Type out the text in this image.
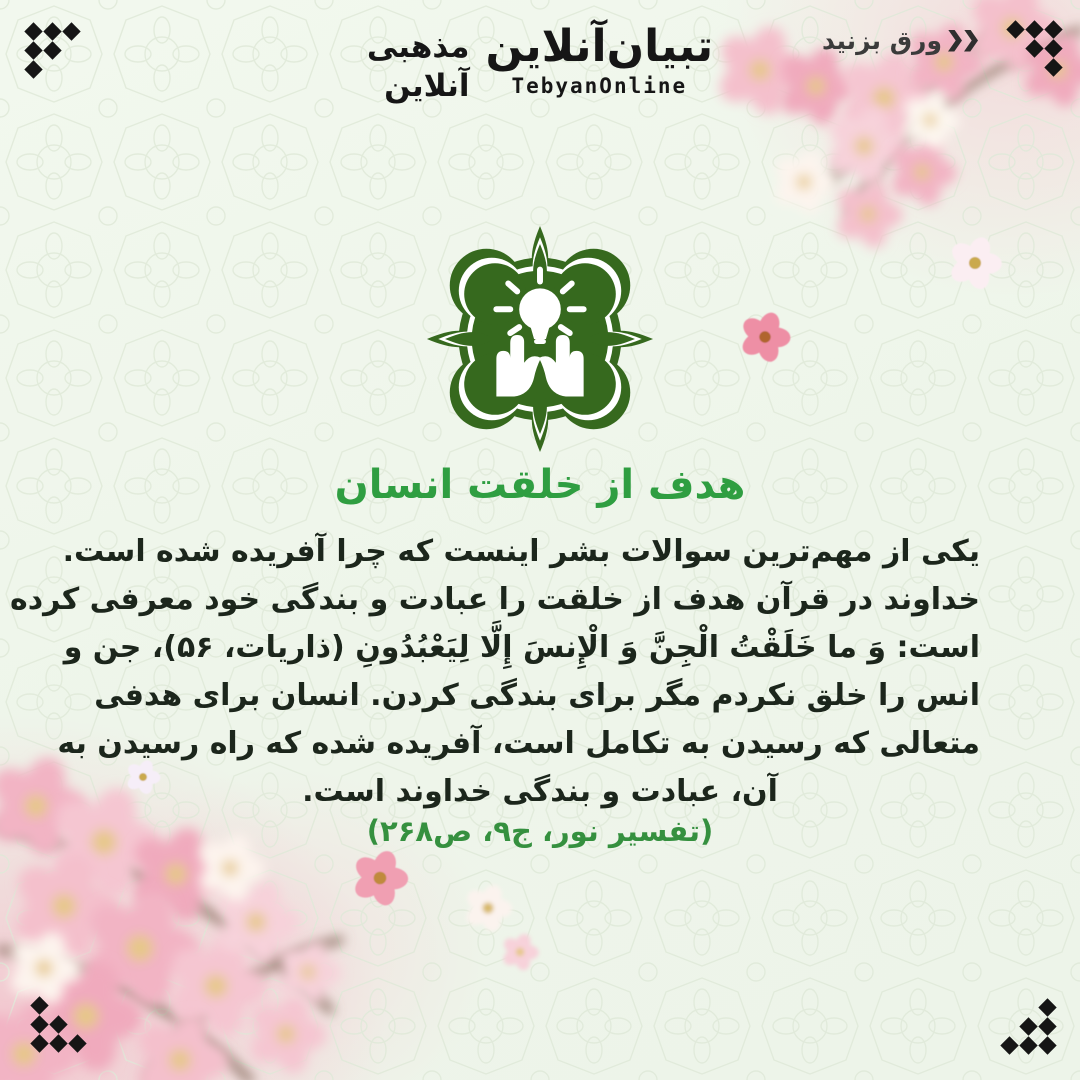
مذهبی
آنلاین
تبیان‌آنلاین
TebyanOnline
ورق بزنید
هدف از خلقت انسان
یکی از مهم‌ترین سوالات بشر اینست که چرا آفریده شده است.
خداوند در قرآن هدف از خلقت را عبادت و بندگی خود معرفی کرده
است: وَ ما خَلَقْتُ الْجِنَّ وَ الْإِنسَ إِلَّا لِیَعْبُدُونِ (ذاریات، ۵۶)، جن و
انس را خلق نکردم مگر برای بندگی کردن. انسان برای هدفی
متعالی که رسیدن به تکامل است، آفریده شده که راه رسیدن به
آن، عبادت و بندگی خداوند است.
(تفسیر نور، ج۹، ص۲۶۸)
